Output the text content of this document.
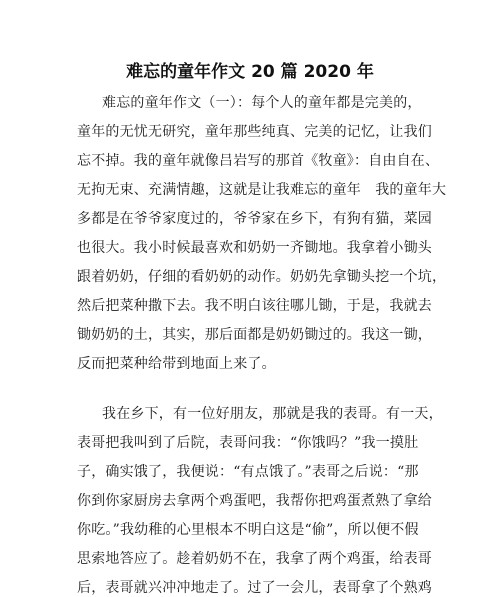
难忘的童年作文 20 篇 2020 年
难忘的童年作文（一）：每个人的童年都是完美的，
童年的无忧无研究，童年那些纯真、完美的记忆，让我们
忘不掉。我的童年就像吕岩写的那首《牧童》：自由自在、
无拘无束、充满情趣，这就是让我难忘的童年　我的童年大
多都是在爷爷家度过的，爷爷家在乡下，有狗有猫，菜园
也很大。我小时候最喜欢和奶奶一齐锄地。我拿着小锄头
跟着奶奶，仔细的看奶奶的动作。奶奶先拿锄头挖一个坑，
然后把菜种撒下去。我不明白该往哪儿锄，于是，我就去
锄奶奶的土，其实，那后面都是奶奶锄过的。我这一锄，
反而把菜种给带到地面上来了。
我在乡下，有一位好朋友，那就是我的表哥。有一天，
表哥把我叫到了后院，表哥问我：“你饿吗？”我一摸肚
子，确实饿了，我便说：“有点饿了。”表哥之后说：“那
你到你家厨房去拿两个鸡蛋吧，我帮你把鸡蛋煮熟了拿给
你吃。”我幼稚的心里根本不明白这是“偷”，所以便不假
思索地答应了。趁着奶奶不在，我拿了两个鸡蛋，给表哥
后，表哥就兴冲冲地走了。过了一会儿，表哥拿了个熟鸡
